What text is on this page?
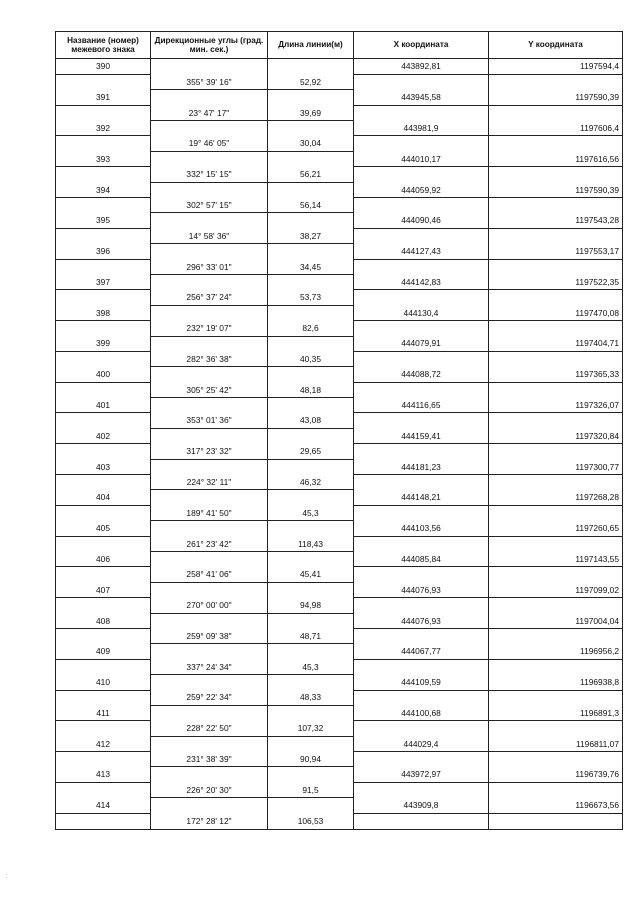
Название (номер) межевого знака	Дирекционные углы (град. мин. сек.)	Длина линии(м)	X координата	Y координата
390			443892,81	1197594,4
	355° 39' 16"	52,92		
391			443945,58	1197590,39
	23° 47' 17"	39,69		
392			443981,9	1197606,4
	19° 46' 05"	30,04		
393			444010,17	1197616,56
	332° 15' 15"	56,21		
394			444059,92	1197590,39
	302° 57' 15"	56,14		
395			444090,46	1197543,28
	14° 58' 36"	38,27		
396			444127,43	1197553,17
	296° 33' 01"	34,45		
397			444142,83	1197522,35
	256° 37' 24"	53,73		
398			444130,4	1197470,08
	232° 19' 07"	82,6		
399			444079,91	1197404,71
	282° 36' 38"	40,35		
400			444088,72	1197365,33
	305° 25' 42"	48,18		
401			444116,65	1197326,07
	353° 01' 36"	43,08		
402			444159,41	1197320,84
	317° 23' 32"	29,65		
403			444181,23	1197300,77
	224° 32' 11"	46,32		
404			444148,21	1197268,28
	189° 41' 50"	45,3		
405			444103,56	1197260,65
	261° 23' 42"	118,43		
406			444085,84	1197143,55
	258° 41' 06"	45,41		
407			444076,93	1197099,02
	270° 00' 00"	94,98		
408			444076,93	1197004,04
	259° 09' 38"	48,71		
409			444067,77	1196956,2
	337° 24' 34"	45,3		
410			444109,59	1196938,8
	259° 22' 34"	48,33		
411			444100,68	1196891,3
	228° 22' 50"	107,32		
412			444029,4	1196811,07
	231° 38' 39"	90,94		
413			443972,97	1196739,76
	226° 20' 30"	91,5		
414			443909,8	1196673,56
	172° 28' 12"	106,53		
:
